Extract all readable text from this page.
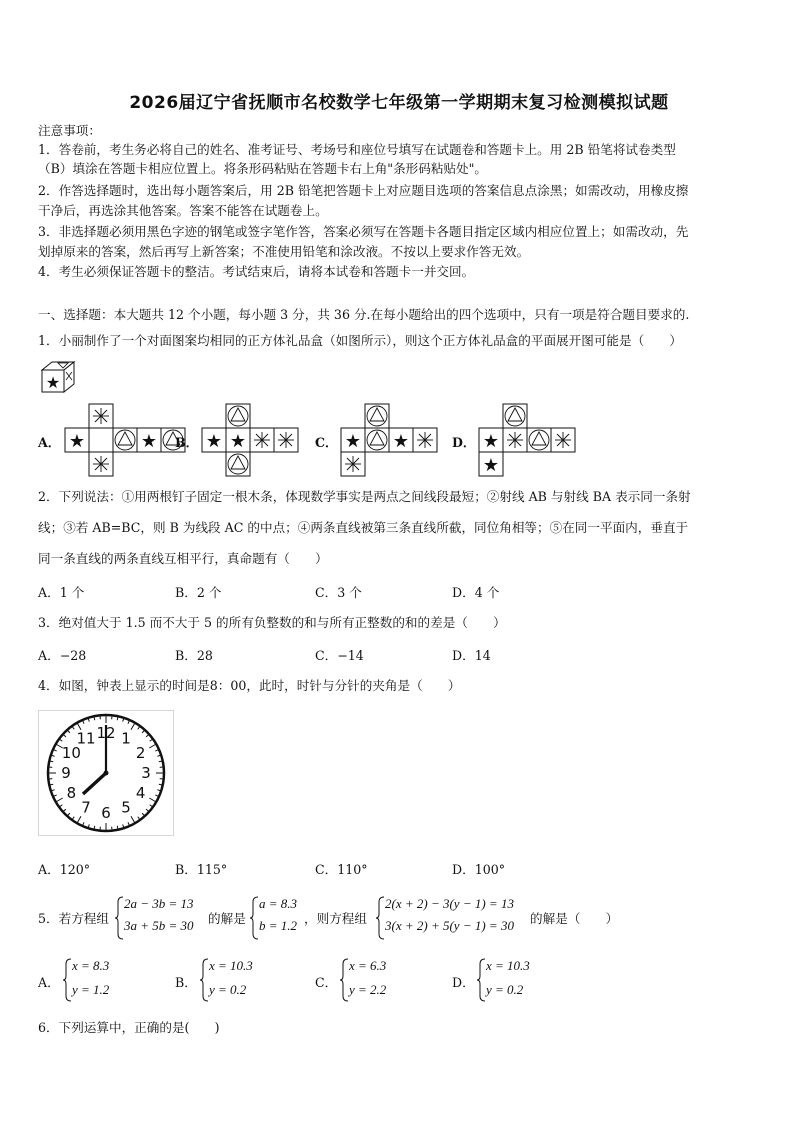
2026届辽宁省抚顺市名校数学七年级第一学期期末复习检测模拟试题
注意事项：
1．答卷前，考生务必将自己的姓名、准考证号、考场号和座位号填写在试题卷和答题卡上。用 2B 铅笔将试卷类型
（B）填涂在答题卡相应位置上。将条形码粘贴在答题卡右上角"条形码粘贴处"。
2．作答选择题时，选出每小题答案后，用 2B 铅笔把答题卡上对应题目选项的答案信息点涂黑；如需改动，用橡皮擦
干净后，再选涂其他答案。答案不能答在试题卷上。
3．非选择题必须用黑色字迹的钢笔或签字笔作答，答案必须写在答题卡各题目指定区域内相应位置上；如需改动，先
划掉原来的答案，然后再写上新答案；不准使用铅笔和涂改液。不按以上要求作答无效。
4．考生必须保证答题卡的整洁。考试结束后，请将本试卷和答题卡一并交回。
一、选择题：本大题共 12 个小题，每小题 3 分，共 36 分.在每小题给出的四个选项中，只有一项是符合题目要求的.
1．小丽制作了一个对面图案均相同的正方体礼品盒（如图所示），则这个正方体礼品盒的平面展开图可能是（　　）
★
A． ★	★ B． ★ ★	C． ★ ★	D． ★
★
2．下列说法：①用两根钉子固定一根木条，体现数学事实是两点之间线段最短；②射线 AB 与射线 BA 表示同一条射
线；③若 AB=BC，则 B 为线段 AC 的中点；④两条直线被第三条直线所截，同位角相等；⑤在同一平面内，垂直于
同一条直线的两条直线互相平行，真命题有（　　）
A．1 个	B．2 个	C．3 个	D．4 个
3．绝对值大于 1.5 而不大于 5 的所有负整数的和与所有正整数的和的差是（　　）
A．−28	B．28	C．−14	D．14
4．如图，钟表上显示的时间是8：00，此时，时针与分针的夹角是（　　）
12 1
2
3
4
5
6
7
8
9
10
11
A．120°	B．115°	C．110°	D．100°
5．若方程组
2a − 3b = 13
3a + 5b = 30 的解是
a = 8.3
b = 1.2 ，则方程组
2(x + 2) − 3(y − 1) = 13
3(x + 2) + 5(y − 1) = 30 的解是（　　）
A．
x = 8.3
y = 1.2	B．
x = 10.3
y = 0.2	C．
x = 6.3
y = 2.2	D．
x = 10.3
y = 0.2
6．下列运算中，正确的是(　　)
